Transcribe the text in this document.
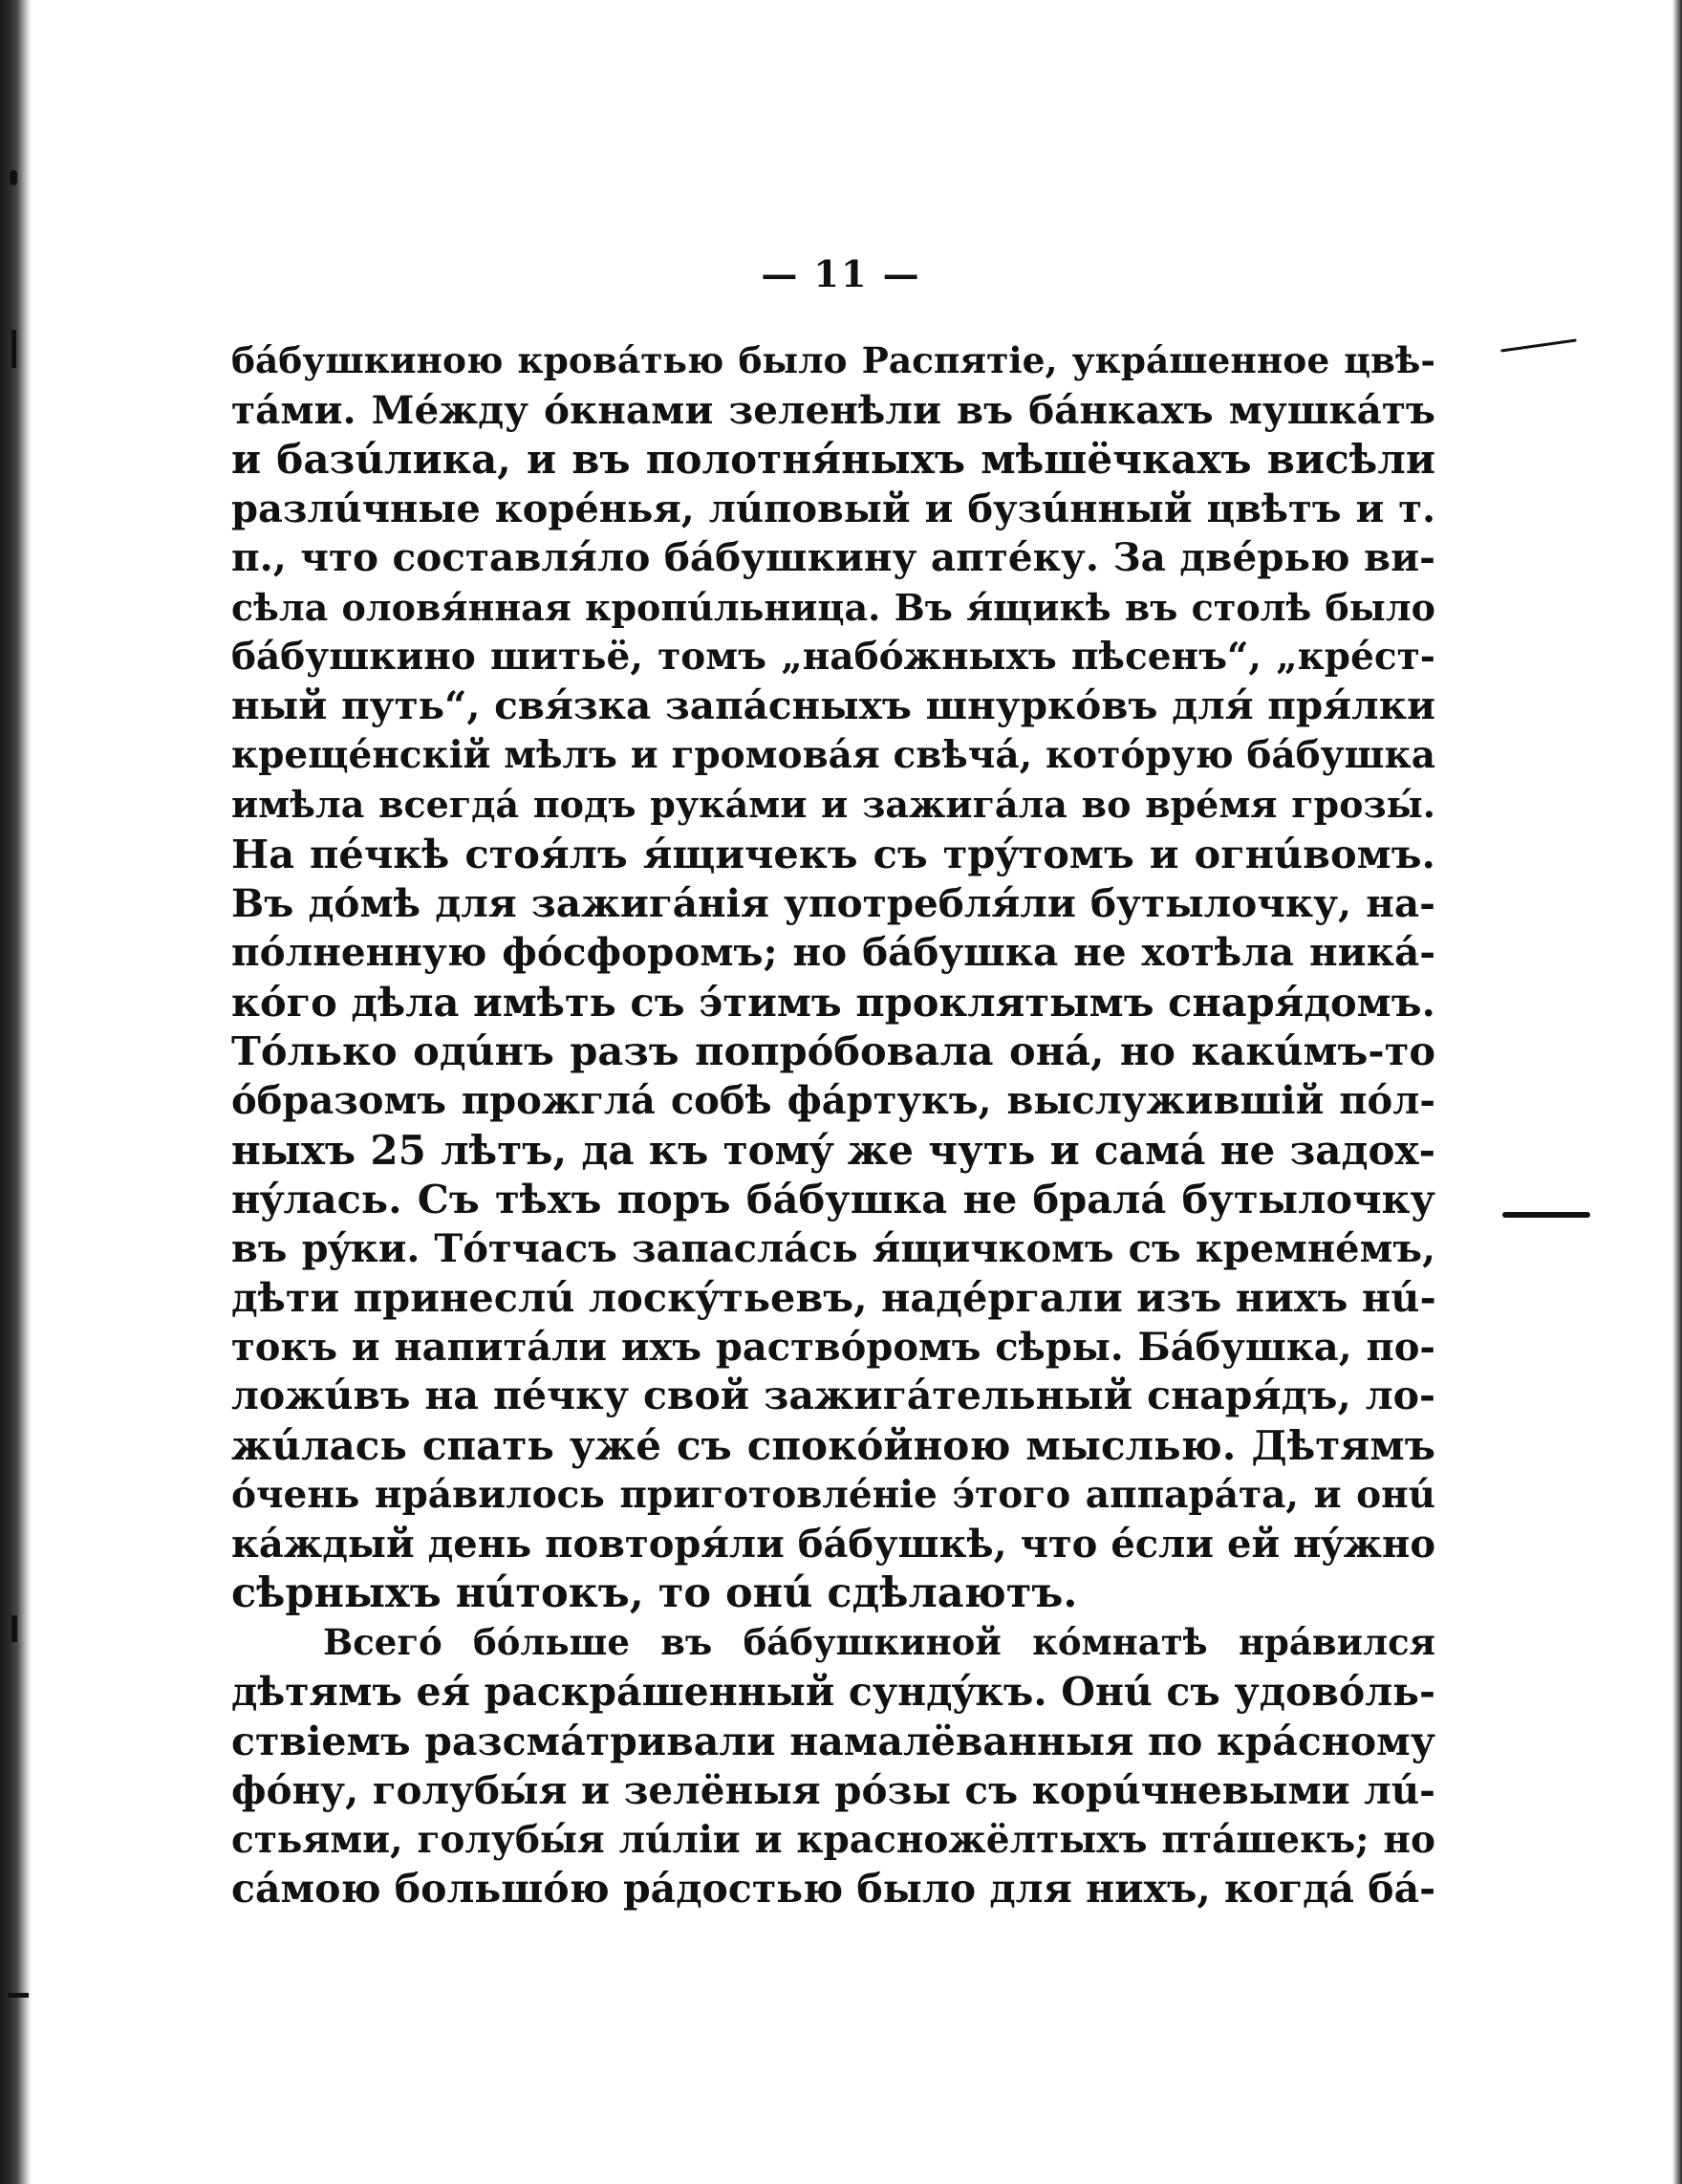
— 11 —
бáбушкиною кровáтью было Распятіе, укрáшенное цвѣ-
тáми. Мéжду óкнами зеленѣли въ бáнкахъ мушкáтъ
и базúлика, и въ полотня́ныхъ мѣшёчкахъ висѣли
разлúчные корéнья, лúповый и бузúнный цвѣтъ и т.
п., что составля́ло бáбушкину аптéку. За двéрью ви-
сѣла оловя́нная кропúльница. Въ я́щикѣ въ столѣ было
бáбушкино шитьё, томъ „набóжныхъ пѣсенъ“, „крéст-
ный путь“, свя́зка запáсныхъ шнуркóвъ для́ пря́лки
крещéнскій мѣлъ и громовáя свѣчá, котóрую бáбушка
имѣла всегдá подъ рукáми и зажигáла во врéмя грозы́.
На пéчкѣ стоя́лъ я́щичекъ съ трýтомъ и огнúвомъ.
Въ дóмѣ для зажигáнія употребля́ли бутылочку, на-
пóлненную фóсфоромъ; но бáбушка не хотѣла никá-
кóго дѣла имѣть съ э́тимъ проклятымъ снаря́домъ.
Тóлько одúнъ разъ попрóбовала онá, но какúмъ-то
óбразомъ прожглá собѣ фáртукъ, выслужившій пóл-
ныхъ 25 лѣтъ, да къ томý же чуть и самá не задох-
нýлась. Съ тѣхъ поръ бáбушка не бралá бутылочку
въ рýки. Тóтчасъ запаслáсь я́щичкомъ съ кремнéмъ,
дѣти принеслú лоскýтьевъ, надéргали изъ нихъ нú-
токъ и напитáли ихъ раствóромъ сѣры. Бáбушка, по-
ложúвъ на пéчку свой зажигáтельный снаря́дъ, ло-
жúлась спать ужé съ спокóйною мыслью. Дѣтямъ
óчень нрáвилось приготовлéніе э́того аппарáта, и онú
кáждый день повторя́ли бáбушкѣ, что éсли ей нýжно
сѣрныхъ нúтокъ, то онú сдѣлаютъ.
Всегó бóльше въ бáбушкиной кóмнатѣ нрáвился
дѣтямъ ея́ раскрáшенный сундýкъ. Онú съ удовóль-
ствіемъ разсмáтривали намалёванныя по крáсному
фóну, голубы́я и зелёныя рóзы съ корúчневыми лú-
стьями, голубы́я лúліи и красножёлтыхъ птáшекъ; но
сáмою большóю рáдостью было для нихъ, когдá бá-
